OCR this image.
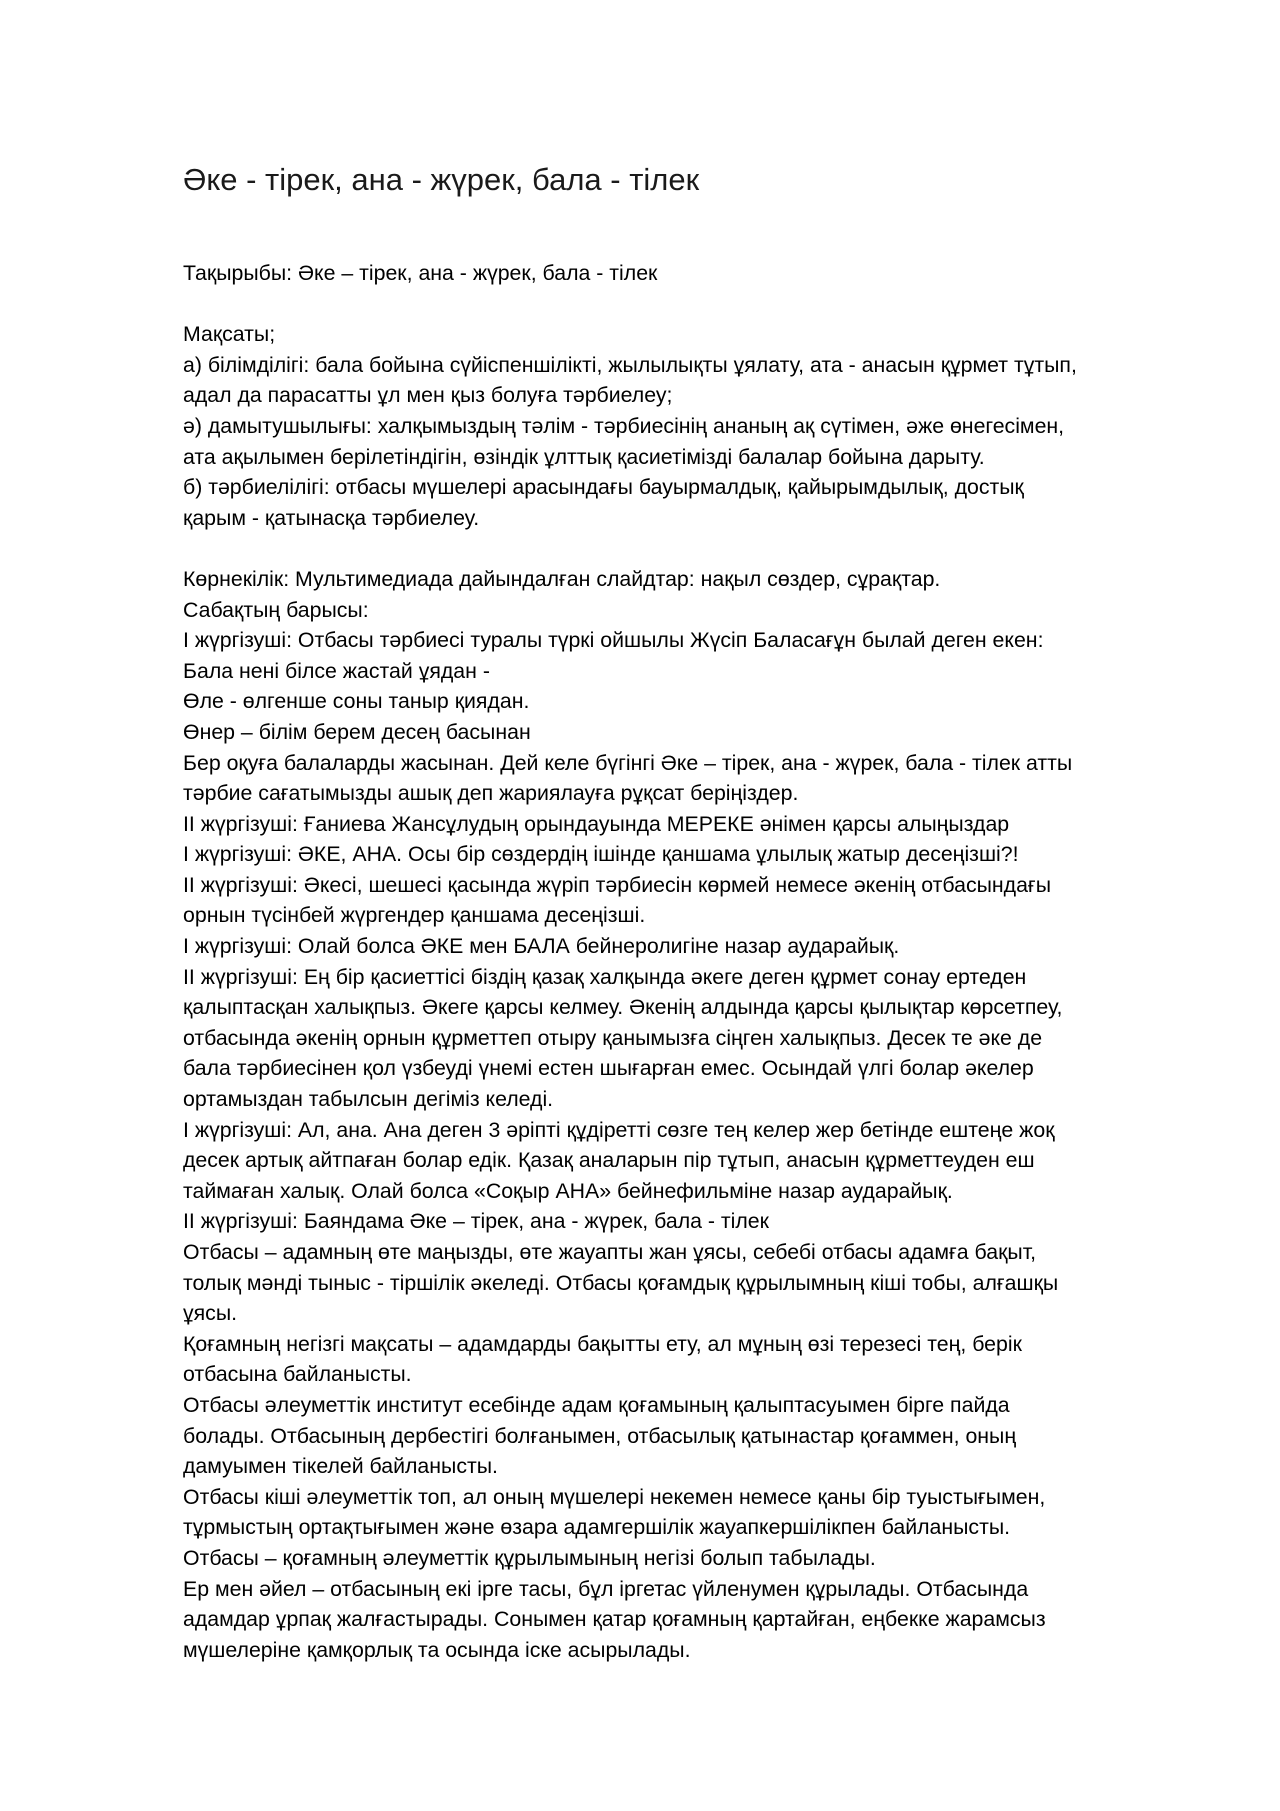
Әке - тірек, ана - жүрек, бала - тілек
Тақырыбы: Әке – тірек, ана - жүрек, бала - тілек
Мақсаты;
а) білімділігі: бала бойына сүйіспеншілікті, жылылықты ұялату, ата - анасын құрмет тұтып,
адал да парасатты ұл мен қыз болуға тәрбиелеу;
ә) дамытушылығы: халқымыздың тәлім - тәрбиесінің ананың ақ сүтімен, әже өнегесімен,
ата ақылымен берілетіндігін, өзіндік ұлттық қасиетімізді балалар бойына дарыту.
б) тәрбиелілігі: отбасы мүшелері арасындағы бауырмалдық, қайырымдылық, достық
қарым - қатынасқа тәрбиелеу.
Көрнекілік: Мультимедиада дайындалған слайдтар: нақыл сөздер, сұрақтар.
Сабақтың барысы:
I жүргізуші: Отбасы тәрбиесі туралы түркі ойшылы Жүсіп Баласағұн былай деген екен:
Бала нені білсе жастай ұядан -
Өле - өлгенше соны таныр қиядан.
Өнер – білім берем десең басынан
Бер оқуға балаларды жасынан. Дей келе бүгінгі Әке – тірек, ана - жүрек, бала - тілек атты
тәрбие сағатымызды ашық деп жариялауға рұқсат беріңіздер.
II жүргізуші: Ғаниева Жансұлудың орындауында МЕРЕКЕ әнімен қарсы алыңыздар
I жүргізуші: ӘКЕ, АНА. Осы бір сөздердің ішінде қаншама ұлылық жатыр десеңізші?!
II жүргізуші: Әкесі, шешесі қасында жүріп тәрбиесін көрмей немесе әкенің отбасындағы
орнын түсінбей жүргендер қаншама десеңізші.
I жүргізуші: Олай болса ӘКЕ мен БАЛА бейнеролигіне назар аударайық.
II жүргізуші: Ең бір қасиеттісі біздің қазақ халқында әкеге деген құрмет сонау ертеден
қалыптасқан халықпыз. Әкеге қарсы келмеу. Әкенің алдында қарсы қылықтар көрсетпеу,
отбасында әкенің орнын құрметтеп отыру қанымызға сіңген халықпыз. Десек те әке де
бала тәрбиесінен қол үзбеуді үнемі естен шығарған емес. Осындай үлгі болар әкелер
ортамыздан табылсын дегіміз келеді.
I жүргізуші: Ал, ана. Ана деген 3 әріпті құдіретті сөзге тең келер жер бетінде ештеңе жоқ
десек артық айтпаған болар едік. Қазақ аналарын пір тұтып, анасын құрметтеуден еш
таймаған халық. Олай болса «Соқыр АНА» бейнефильміне назар аударайық.
II жүргізуші: Баяндама Әке – тірек, ана - жүрек, бала - тілек
Отбасы – адамның өте маңызды, өте жауапты жан ұясы, себебі отбасы адамға бақыт,
толық мәнді тыныс - тіршілік әкеледі. Отбасы қоғамдық құрылымның кіші тобы, алғашқы
ұясы.
Қоғамның негізгі мақсаты – адамдарды бақытты ету, ал мұның өзі терезесі тең, берік
отбасына байланысты.
Отбасы әлеуметтік институт есебінде адам қоғамының қалыптасуымен бірге пайда
болады. Отбасының дербестігі болғанымен, отбасылық қатынастар қоғаммен, оның
дамуымен тікелей байланысты.
Отбасы кіші әлеуметтік топ, ал оның мүшелері некемен немесе қаны бір туыстығымен,
тұрмыстың ортақтығымен және өзара адамгершілік жауапкершілікпен байланысты.
Отбасы – қоғамның әлеуметтік құрылымының негізі болып табылады.
Ер мен әйел – отбасының екі ірге тасы, бұл іргетас үйленумен құрылады. Отбасында
адамдар ұрпақ жалғастырады. Сонымен қатар қоғамның қартайған, еңбекке жарамсыз
мүшелеріне қамқорлық та осында іске асырылады.
